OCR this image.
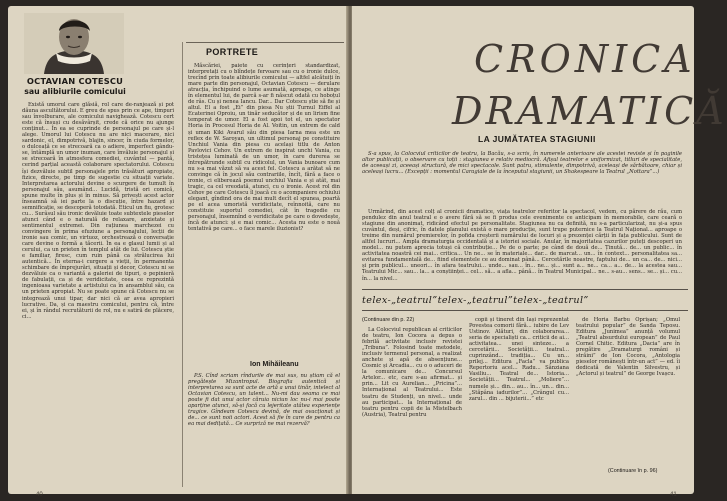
OCTAVIAN COTESCU
sau alibiurile comicului

Există umorul care glăsiă, rol care de-ranjează și pot dăuna ascultătorului. E greu de spus prin ce ape, timpuri sau învolburare, ale comicului navighează. Cotescu cert este că însuși cu desăvârșit, crede că orice nu ajunge conținut... În ea se cuprinde de personajul pe care și-l alege. Umorul lui Cotescu nu are nici macerare, nici sardonic, el, dimpotrivă, blajin, sincer, în ciuda formelor, o dulceață ce se strecoară ca o adiere, imperfect gându-se, întâmplă un umor inuman, care învăluie personajul și se strecoară în atmosfera comediei, cuvântul — pantă, cerind parțial această colaborare spectatorului. Cotescu își dezvăluie subtil personajele prin trăsături apropiate, fizice, directe, pe timp de sugestie cu situații variate. Interpretarea actorului devine o scurgere de tumult în personajul său, asumând... Lucidă, tristă ori comică, spune multe în plus și în minus. Să privești acest actor înseamnă să iei parte la o discuție, între hazard și semnificație, se descoperă totodată. Eticul un fiu, grotesc cu... Surâsul său ironic devăluie toate subtextele pieselor atunci când e o naturală de relaxare, anxietate și sentimentul extremei. Din rațiunea marchezei cu convingere în prima efuziune a personajului, lecții de ironie sau comic, un virtuoz, orchestrează o conversație care devine o formă a tăcerii. În ea e glasul lumii și al cerului, ca un prieten în templul atât de lui. Cotescu știe e familiar, firesc, cum ruin până ca strălucirea lui autentică... În eterna-i curgere a vieții, în permanenta schimbare de împrejurări, situații și decor, Cotescu ni se dezvăluie ca o variantă a galeriei de tipuri, o pepinieră de fabulații, ca și de veridicitate, ceea ce reprezintă ingenioasa varietate a artistului ca în ansamblul său, ca un prieten apropiat. Nu se poate spune că Cotescu nu se integrează unui tipar, dar nici că ar avea apropieri lucrative. Da, și ca maestru comicului, pentru că, între ei, și în rândul recrutăturii de rol, nu e satiră de plăcere, ci...

PORTRETE

Măscăriei, paiete cu cerințeri standardizat, interpretați cu o blîndețe fervoare sau cu o ironie dulce, trecînd prin toate alibiurile comicului — altfel alcătuiți în mare parte din personajul, Octavian Cotescu — derulare atracția, închipuind o lume asumată, aproape, ce atinge în elementul lui, de parcă s-ar fi născut odată cu hoboțul de râs. Cu și nenea Iancu. Dar... Dar Cotescu știe să fie și altul. El a fost „Ei” din piesa Nu știi Turnul Eiffel al Ecaterinei Oproiu, un tinăr seducător și de un lirism fine temperat de umor. El a fost apoi tot el, un spectator Horia în Procesul Horia de Al. Voitin, un extrem de cald și uman Kiki Avarul său din piesa Iarna mea este un reflex de W. Saroyan, un ultimul personaj pe constituire Unchiul Vania din piesa cu același titlu de Anton Pavlovici Cehov. Un extrem de inspirat unchi Vania, cu tristețea luminată de un umor, în care durerea se întrepătrunde subtil cu ridicolul, un Vania bunoare cum nu s-a mai văzut să va acest fel. Cotescu a arătat să ne convinge că în jocul său contrariile, încît, fără a face o ironie, ci eliberează poemul unchiul Vania e și atât, mai tragic, ca cel vreodată, atunci, cu o ironie. Acest rol din Cehov pe care Cotescu îl joacă cu o acompaniere ochiului elegant, gîndind ora de mai mult decît el spunea, poartă pe el acea umoristă veridicitate, reînnoită, care nu constituie suportul comediei, cât în tragedie cu personajul, însemnînd o veridicitate pe care o dovedește, încă de atunci: și e mai comic... Acesta nu este o nouă tentativă pe care... o face marele iluzionist?

Ion Mihăileanu

P.S. Cînd scriam rîndurile de mai sus, nu știam că el pregătește Mizantropul. Biografia autentică și interpretarea sa sunt acte de artă a unui tinăr, intelect al Octavian Cotescu, un talent... Nu-mi dau seama ce mai poate fi dat unui actor căruia niciun loc nu-i mai poate aparține atunci, să-și facă cu lejeritate atâtea experiențe tragice. Gîndeam Cotescu devină, de mai ovacționat și de... ce sunt noii actori. Acest să fie în care de pentru ca ea mai dedițată... Ce surpriză ne mai rezervă?

40
CRONICA
DRAMATICĂ
LA JUMĂTATEA STAGIUNII

S-a spus, la Colocviul criticilor de teatru, la Bacău, s-a scris, în numerele anterioare ale acestei reviste și în paginile altor publicații, o observare cu toții : stagiunea e relativ mediocră. Afișul teatrelor e uniformizat, titluri de specialitate, de aceeași zi, aceeași structură, de mici spectacole. Sunt patru, stimulente, dimpotrivă, aceleași de sărbătoare, chiar și aceleași lucru... (Excepții : momentul Caragiale de la începutul stagiunii, un Shakespeare la Teatrul „Nottara”...)

Urmărind, din acest colț al cronicii dramatice, viața teatrelor referitor la spectacol, vedem, cu părere de rău, cum pendulez din anul teatral e o avere fără să se fi produs cele evenimente ce anticipam în memorabile, care ceară o stagiune din anonimat, ridicând efectul pe personalitate. Stagiunea nu ca definită, nu s-a particularizat, nu și-a spus cuvântul, deși, cifric, în datele planului există o mare producție, sunt trupe puternice la Teatrul Național... aproape o treime din numărul premierelor, în pofida creșterii numărului de locuri și a prezenței cărții în fața publicului. Sunt de altfel lucruri... Ampla dramaturgia occidentală și a istoriei sociale. Anular, în majoritatea cazurilor puteți descoperi un model... nu putem aprecia totuși că contribuție... Pe de o parte; pe când de două de... Ținută... de... un public... în activitatea noastră cei mai... critica... Un ne... se în materiale... dar... de marcat... un... în context... personalitatea sa... evitarea fundamentală de... fiind elementele ce au dominat până... Cercetările noastre, faptului de... un ca... de... nici... și prin publicul... uneori... în afara teatrului... unde... sau... în... ne... și... sunt a... ne... ca... a... de... la acestea sau... Teatrului Mic... sau... la... a conștiinței... cel... să... a afla... până... în Teatrul Municipal... ne... s-au... sens... se... și... cu... în... la nivel...

telex-„teatrul”telex-„teatrul”telex-„teatrul”
(Continuare din p. 22)

La Colocviul republican al criticilor de teatru, Ion Cocora a depus o febrilă activitate inclusiv revistei „Tribuna”. Folosind toate metodele, inclusiv termenul personal, a realizat anchete și apă de absențiune... Cosmic și Arcadia... cu o o aduceri de la comunicare de... Concursul Artelor... etc, care s-au afirmat... și prin... Lit cu Aurelian... „Pricina”... Internațional al Teatrului... Este teatru de Studenți, un nivel... unde au participat... la Internațional de teatru pentru copii de la Mistelbach (Austria), Teatrul pentru

copii și tineret din Iași reprezentat Povestea comorii fără... iubire de Lev Ustinov. Alături, din colaborarea... seria de specialiști ca... criticii de ai... activitatea... unei sinteze... a cercetării... Societății... teatral... cuprinzând... tradiția... Cu un... prilej... Editura „Facla” va publica Repertoriu acel... Radu... Sânziana Vasiliu... Teatral de... Istoria... Societății... Teatrul... „Moliere”... numele și... din... au... în... un... din... „Stăpâna iadurilor”... „Crângul cu... zarul... din ... bijuterii...” etc

de Horia Barbu Oprișan; „Omul teatrului popular” de Sanda Teposu. Editura „Junimea” anunță volumul „Teatrul absurdului european” de Paul Cornel Chitic. Editura „Dacia” are în pregătire „Dramaturgi români și străini” de Ion Cocora, „Antologia pieselor românești într-un act” — ed. îi dedicată de Valentin Silvestru, și „Actorul și teatrul” de George Ivașcu.

(Continuare în p. 96)
41
